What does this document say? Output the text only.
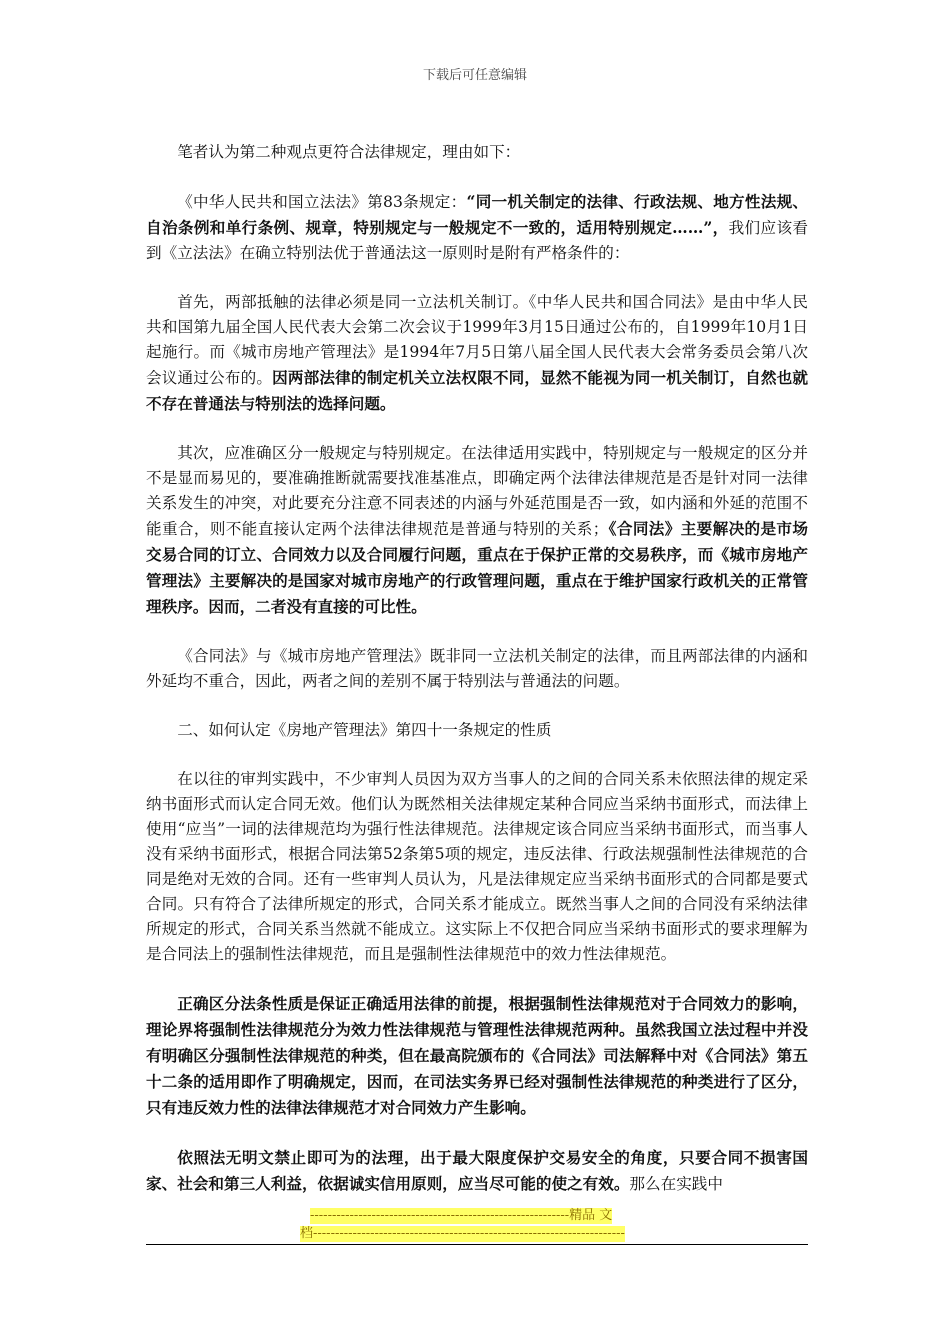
下载后可任意编辑

笔者认为第二种观点更符合法律规定，理由如下：

《中华人民共和国立法法》第83条规定：“同一机关制定的法律、行政法规、地方性法规、自治条例和单行条例、规章，特别规定与一般规定不一致的，适用特别规定……”，我们应该看到《立法法》在确立特别法优于普通法这一原则时是附有严格条件的：

首先，两部抵触的法律必须是同一立法机关制订。《中华人民共和国合同法》是由中华人民共和国第九届全国人民代表大会第二次会议于1999年3月15日通过公布的，自1999年10月1日起施行。而《城市房地产管理法》是1994年7月5日第八届全国人民代表大会常务委员会第八次会议通过公布的。因两部法律的制定机关立法权限不同，显然不能视为同一机关制订，自然也就不存在普通法与特别法的选择问题。

其次，应准确区分一般规定与特别规定。在法律适用实践中，特别规定与一般规定的区分并不是显而易见的，要准确推断就需要找准基准点，即确定两个法律法律规范是否是针对同一法律关系发生的冲突，对此要充分注意不同表述的内涵与外延范围是否一致，如内涵和外延的范围不能重合，则不能直接认定两个法律法律规范是普通与特别的关系；《合同法》主要解决的是市场交易合同的订立、合同效力以及合同履行问题，重点在于保护正常的交易秩序，而《城市房地产管理法》主要解决的是国家对城市房地产的行政管理问题，重点在于维护国家行政机关的正常管理秩序。因而，二者没有直接的可比性。

《合同法》与《城市房地产管理法》既非同一立法机关制定的法律，而且两部法律的内涵和外延均不重合，因此，两者之间的差别不属于特别法与普通法的问题。

二、如何认定《房地产管理法》第四十一条规定的性质

在以往的审判实践中，不少审判人员因为双方当事人的之间的合同关系未依照法律的规定采纳书面形式而认定合同无效。他们认为既然相关法律规定某种合同应当采纳书面形式，而法律上使用“应当”一词的法律规范均为强行性法律规范。法律规定该合同应当采纳书面形式，而当事人没有采纳书面形式，根据合同法第52条第5项的规定，违反法律、行政法规强制性法律规范的合同是绝对无效的合同。还有一些审判人员认为，凡是法律规定应当采纳书面形式的合同都是要式合同。只有符合了法律所规定的形式，合同关系才能成立。既然当事人之间的合同没有采纳法律所规定的形式，合同关系当然就不能成立。这实际上不仅把合同应当采纳书面形式的要求理解为是合同法上的强制性法律规范，而且是强制性法律规范中的效力性法律规范。

正确区分法条性质是保证正确适用法律的前提，根据强制性法律规范对于合同效力的影响，理论界将强制性法律规范分为效力性法律规范与管理性法律规范两种。虽然我国立法过程中并没有明确区分强制性法律规范的种类，但在最高院颁布的《合同法》司法解释中对《合同法》第五十二条的适用即作了明确规定，因而，在司法实务界已经对强制性法律规范的种类进行了区分，只有违反效力性的法律法律规范才对合同效力产生影响。

依照法无明文禁止即可为的法理，出于最大限度保护交易安全的角度，只要合同不损害国家、社会和第三人利益，依据诚实信用原则，应当尽可能的使之有效。那么在实践中

-----------------------------------------------------------精品 文
档-----------------------------------------------------------------------
